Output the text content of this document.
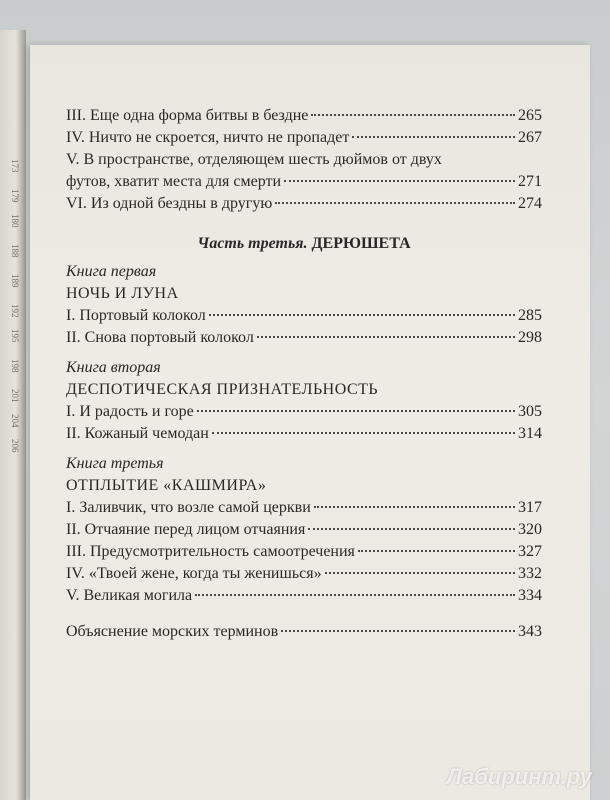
173
179
180
188
189
192
195
198
201
204
206
III. Еще одна форма битвы в бездне	265
IV. Ничто не скроется, ничто не пропадет	267
V. В пространстве, отделяющем шесть дюймов от двух
футов, хватит места для смерти	271
VI. Из одной бездны в другую	274
Часть третья. ДЕРЮШЕТА
Книга первая
НОЧЬ И ЛУНА
I. Портовый колокол	285
II. Снова портовый колокол	298
Книга вторая
ДЕСПОТИЧЕСКАЯ ПРИЗНАТЕЛЬНОСТЬ
I. И радость и горе	305
II. Кожаный чемодан	314
Книга третья
ОТПЛЫТИЕ «КАШМИРА»
I. Заливчик, что возле самой церкви	317
II. Отчаяние перед лицом отчаяния	320
III. Предусмотрительность самоотречения	327
IV. «Твоей жене, когда ты женишься»	332
V. Великая могила	334
Объяснение морских терминов	343
Лабиринт.ру
